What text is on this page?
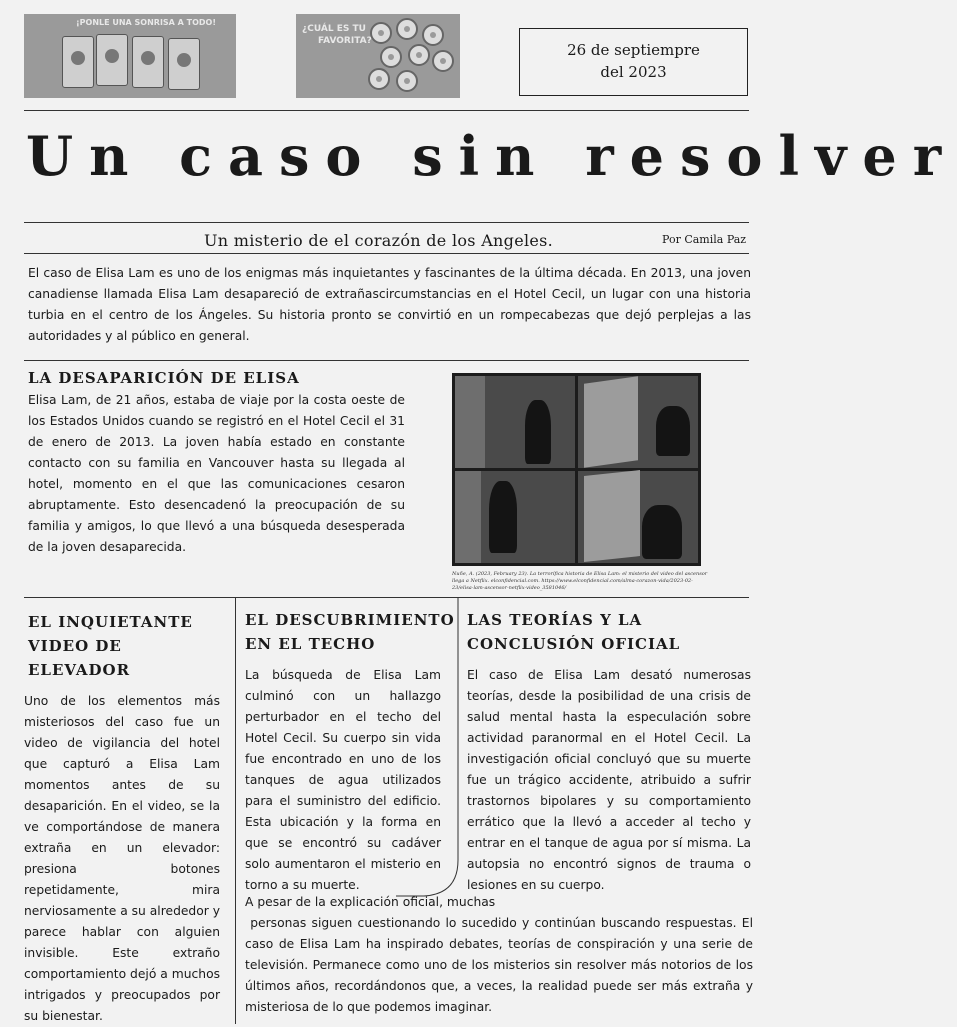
¡PONLE UNA SONRISA A TODO!
¿CUÁL ES TU
FAVORITA?	26 de septiempre
del 2023
Un caso sin resolver
Un misterio de el corazón de los Angeles.	Por Camila Paz
El caso de Elisa Lam es uno de los enigmas más inquietantes y fascinantes de la última década. En 2013, una joven canadiense llamada Elisa Lam desapareció de extrañascircumstancias en el Hotel Cecil, un lugar con una historia turbia en el centro de los Ángeles. Su historia pronto se convirtió en un rompecabezas que dejó perplejas a las autoridades y al público en general.
LA DESAPARICIÓN DE ELISA
Elisa Lam, de 21 años, estaba de viaje por la costa oeste de los Estados Unidos cuando se registró en el Hotel Cecil el 31 de enero de 2013. La joven había estado en constante contacto con su familia en Vancouver hasta su llegada al hotel, momento en el que las comunicaciones cesaron abruptamente. Esto desencadenó la preocupación de su familia y amigos, lo que llevó a una búsqueda desesperada de la joven desaparecida.
Nuñe, A. (2023, February 23). La terrorífica historia de Elisa Lam: el misterio del video del ascensor llega a Netflix. elconfidencial.com. https://www.elconfidencial.com/alma-corazon-vida/2023-02-23/elisa-lam-ascensor-netflix-video_3581046/
EL INQUIETANTE VIDEO DE ELEVADOR
Uno de los elementos más misteriosos del caso fue un video de vigilancia del hotel que capturó a Elisa Lam momentos antes de su desaparición. En el video, se la ve comportándose de manera extraña en un elevador: presiona botones repetidamente, mira nerviosamente a su alrededor y parece hablar con alguien invisible. Este extraño comportamiento dejó a muchos intrigados y preocupados por su bienestar.
EL DESCUBRIMIENTO EN EL TECHO
La búsqueda de Elisa Lam culminó con un hallazgo perturbador en el techo del Hotel Cecil. Su cuerpo sin vida fue encontrado en uno de los tanques de agua utilizados para el suministro del edificio. Esta ubicación y la forma en que se encontró su cadáver solo aumentaron el misterio en torno a su muerte.
LAS TEORÍAS Y LA CONCLUSIÓN OFICIAL
El caso de Elisa Lam desató numerosas teorías, desde la posibilidad de una crisis de salud mental hasta la especulación sobre actividad paranormal en el Hotel Cecil. La investigación oficial concluyó que su muerte fue un trágico accidente, atribuido a sufrir trastornos bipolares y su comportamiento errático que la llevó a acceder al techo y entrar en el tanque de agua por sí misma. La autopsia no encontró signos de trauma o lesiones en su cuerpo.
A pesar de la explicación oficial, muchas
personas siguen cuestionando lo sucedido y continúan buscando respuestas. El caso de Elisa Lam ha inspirado debates, teorías de conspiración y una serie de televisión. Permanece como uno de los misterios sin resolver más notorios de los últimos años, recordándonos que, a veces, la realidad puede ser más extraña y misteriosa de lo que podemos imaginar.
